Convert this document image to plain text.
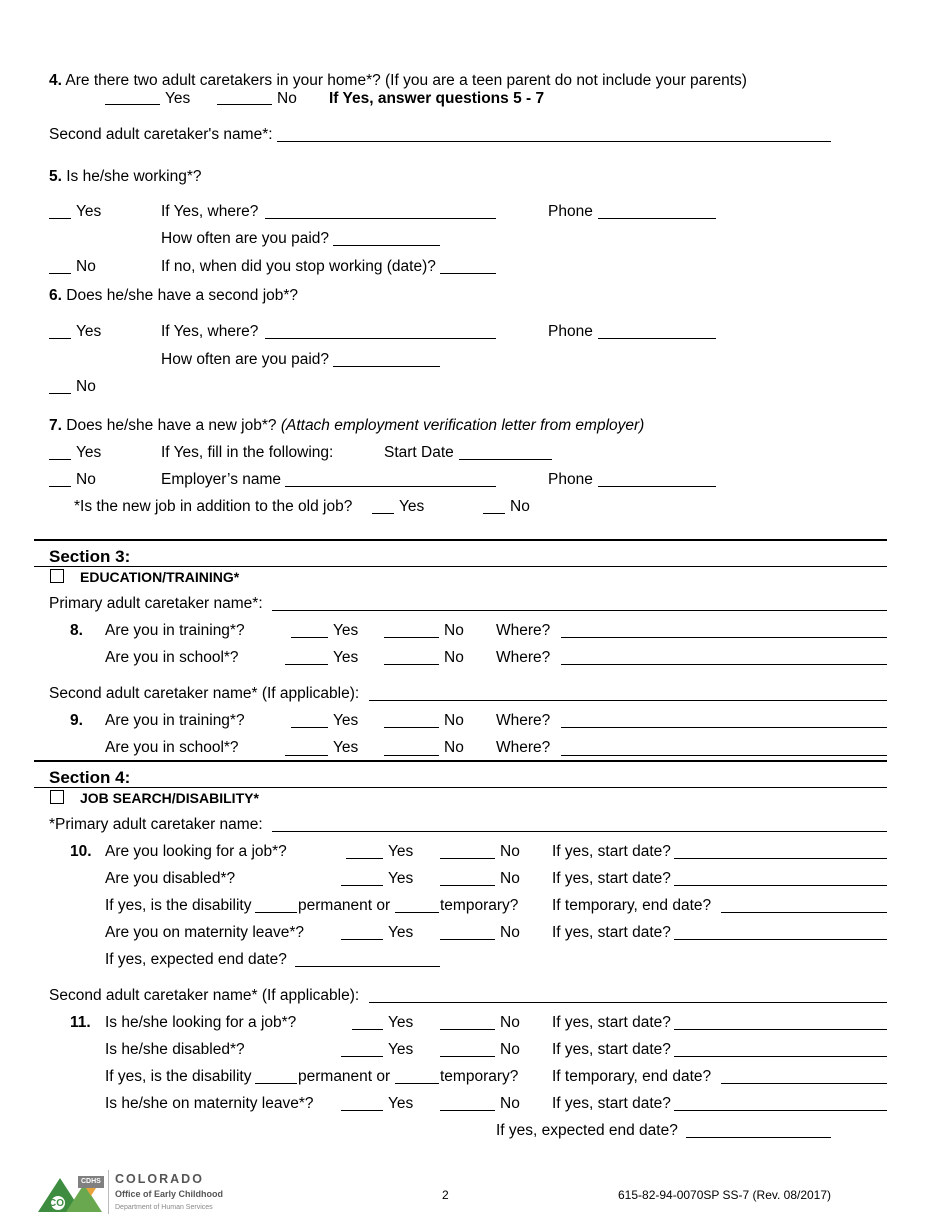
4. Are there two adult caretakers in your home*? (If you are a teen parent do not include your parents)
Yes	No If Yes, answer questions 5 - 7
Second adult caretaker's name*:
5. Is he/she working*?
Yes	If Yes, where?	Phone
How often are you paid?
No	If no, when did you stop working (date)?
6. Does he/she have a second job*?
Yes	If Yes, where?	Phone
How often are you paid?
No
7. Does he/she have a new job*? (Attach employment verification letter from employer)
Yes	If Yes, fill in the following:	Start Date
No	Employer’s name	Phone
*Is the new job in addition to the old job?	Yes	No
Section 3:
EDUCATION/TRAINING*
Primary adult caretaker name*:
8. Are you in training*?	Yes	No Where?
Are you in school*?	Yes	No Where?
Second adult caretaker name* (If applicable):
9. Are you in training*?	Yes	No Where?
Are you in school*?	Yes	No Where?
Section 4:
JOB SEARCH/DISABILITY*
*Primary adult caretaker name:
10. Are you looking for a job*?	Yes	No If yes, start date?
Are you disabled*?	Yes	No If yes, start date?
If yes, is the disability	permanent or	temporary? If temporary, end date?
Are you on maternity leave*?	Yes	No If yes, start date?
If yes, expected end date?
Second adult caretaker name* (If applicable):
11. Is he/she looking for a job*?	Yes	No If yes, start date?
Is he/she disabled*?	Yes	No If yes, start date?
If yes, is the disability	permanent or	temporary? If temporary, end date?
Is he/she on maternity leave*?	Yes	No If yes, start date?
If yes, expected end date?
CDHS
CO
COLORADO
Office of Early Childhood
Department of Human Services
2	615-82-94-0070SP SS-7 (Rev. 08/2017)
